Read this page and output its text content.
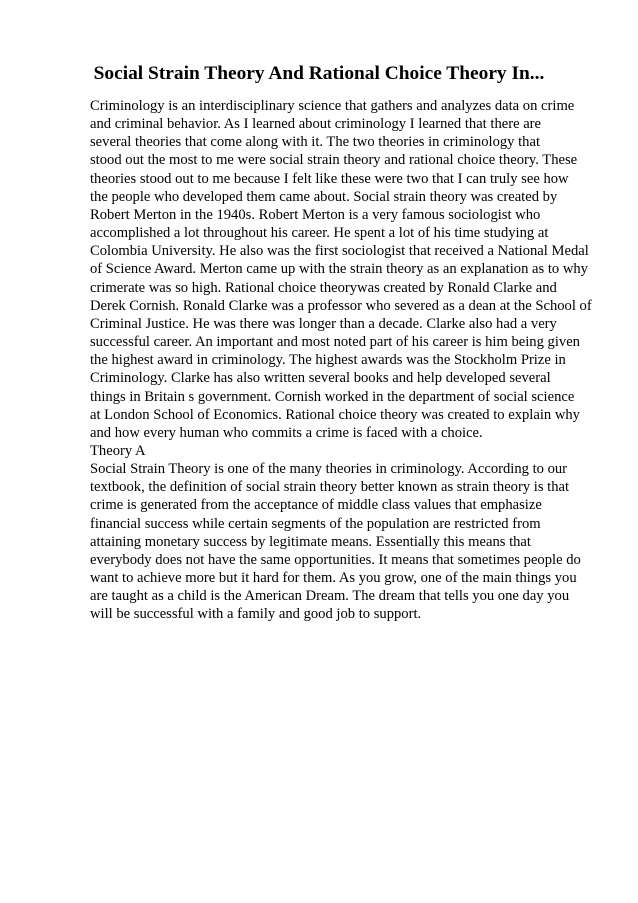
Social Strain Theory And Rational Choice Theory In...
Criminology is an interdisciplinary science that gathers and analyzes data on crime
and criminal behavior. As I learned about criminology I learned that there are
several theories that come along with it. The two theories in criminology that
stood out the most to me were social strain theory and rational choice theory. These
theories stood out to me because I felt like these were two that I can truly see how
the people who developed them came about. Social strain theory was created by
Robert Merton in the 1940s. Robert Merton is a very famous sociologist who
accomplished a lot throughout his career. He spent a lot of his time studying at
Colombia University. He also was the first sociologist that received a National Medal
of Science Award. Merton came up with the strain theory as an explanation as to why
crimerate was so high. Rational choice theorywas created by Ronald Clarke and
Derek Cornish. Ronald Clarke was a professor who severed as a dean at the School of
Criminal Justice. He was there was longer than a decade. Clarke also had a very
successful career. An important and most noted part of his career is him being given
the highest award in criminology. The highest awards was the Stockholm Prize in
Criminology. Clarke has also written several books and help developed several
things in Britain s government. Cornish worked in the department of social science
at London School of Economics. Rational choice theory was created to explain why
and how every human who commits a crime is faced with a choice.
Theory A
Social Strain Theory is one of the many theories in criminology. According to our
textbook, the definition of social strain theory better known as strain theory is that
crime is generated from the acceptance of middle class values that emphasize
financial success while certain segments of the population are restricted from
attaining monetary success by legitimate means. Essentially this means that
everybody does not have the same opportunities. It means that sometimes people do
want to achieve more but it hard for them. As you grow, one of the main things you
are taught as a child is the American Dream. The dream that tells you one day you
will be successful with a family and good job to support.
